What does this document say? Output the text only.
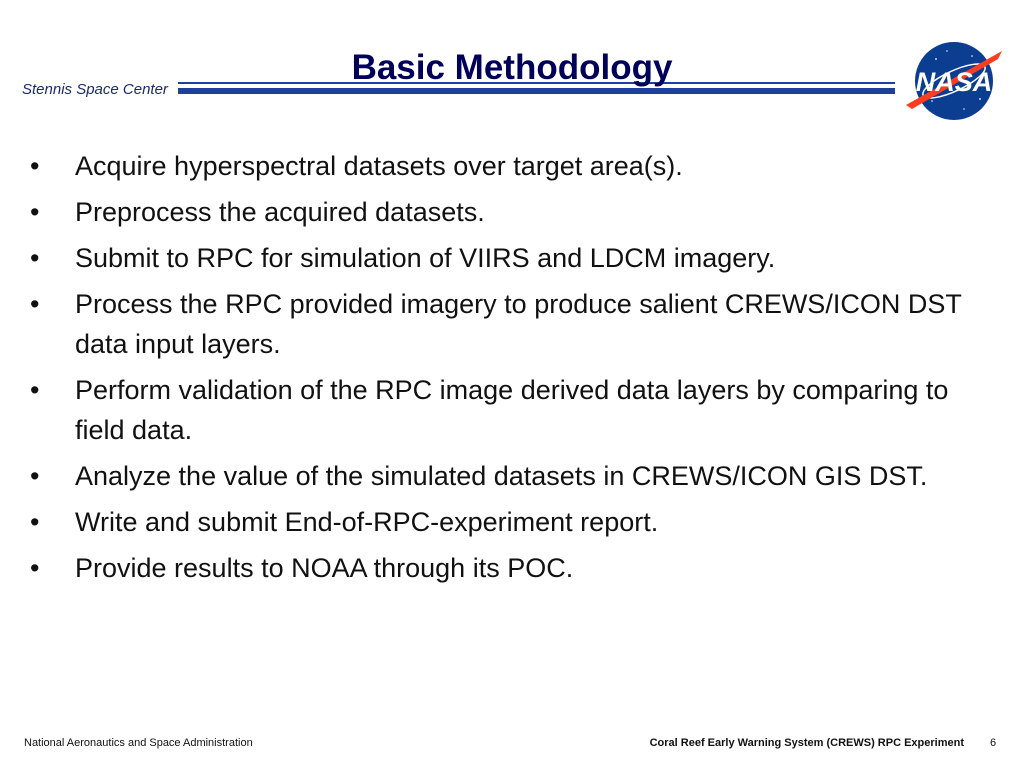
Stennis Space Center
Basic Methodology	NASA
•	Acquire hyperspectral datasets over target area(s).
•	Preprocess the acquired datasets.
•	Submit to RPC for simulation of VIIRS and LDCM imagery.
•	Process the RPC provided imagery to produce salient CREWS/ICON DST data input layers.
•	Perform validation of the RPC image derived data layers by comparing to field data.
•	Analyze the value of the simulated datasets in CREWS/ICON GIS DST.
•	Write and submit End-of-RPC-experiment report.
•	Provide results to NOAA through its POC.
National Aeronautics and Space Administration	Coral Reef Early Warning System (CREWS) RPC Experiment 6
